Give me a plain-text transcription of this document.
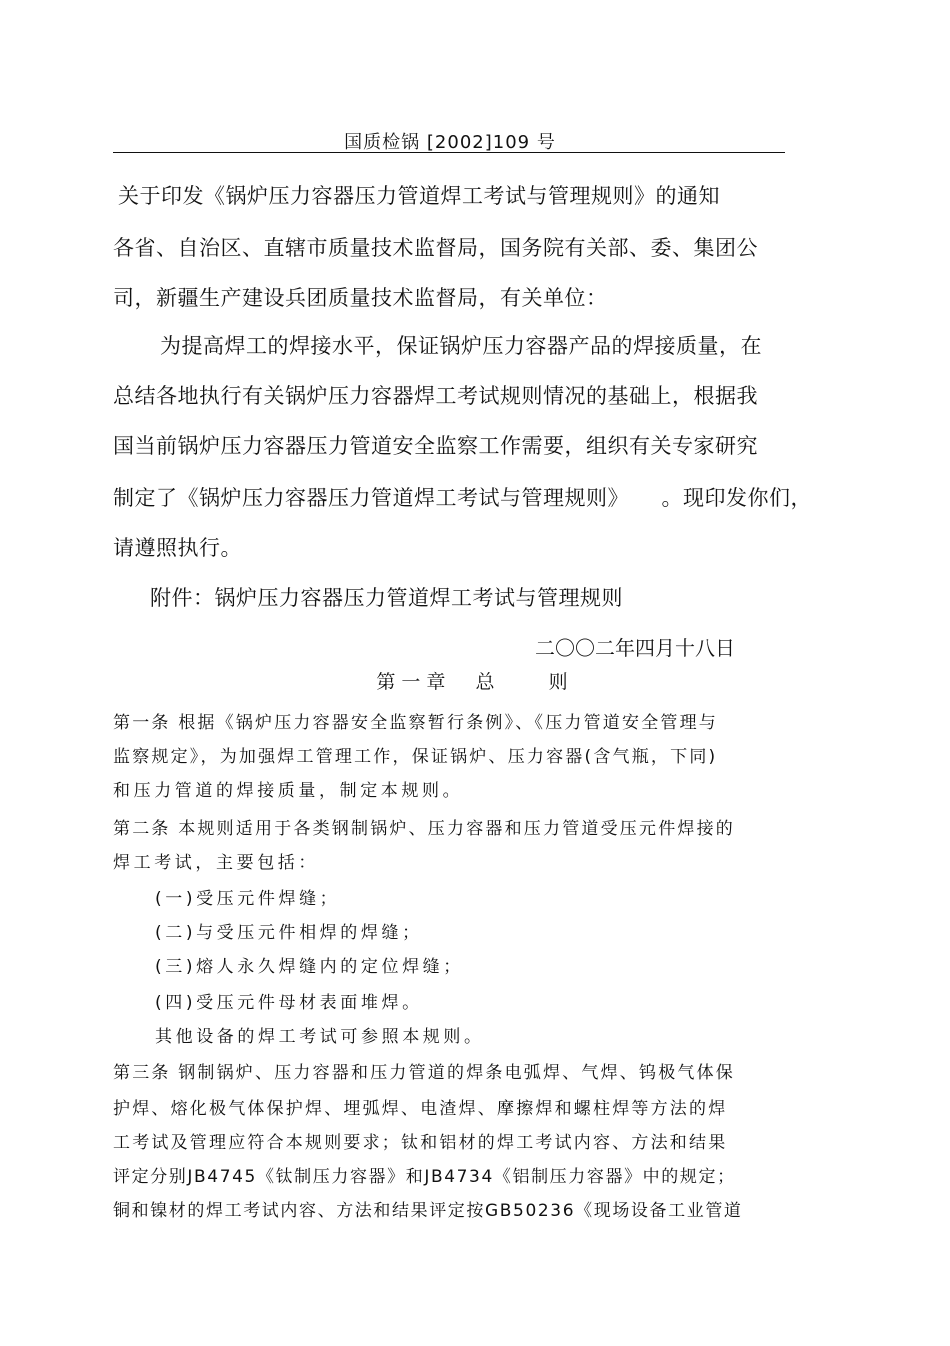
国质检锅 [2002]109 号
关于印发《锅炉压力容器压力管道焊工考试与管理规则》的通知
各省、自治区、直辖市质量技术监督局，国务院有关部、委、集团公
司，新疆生产建设兵团质量技术监督局，有关单位：
为提高焊工的焊接水平，保证锅炉压力容器产品的焊接质量，在
总结各地执行有关锅炉压力容器焊工考试规则情况的基础上，根据我
国当前锅炉压力容器压力管道安全监察工作需要，组织有关专家研究
制定了《锅炉压力容器压力管道焊工考试与管理规则》　　。现印发你们，
请遵照执行。
附件：锅炉压力容器压力管道焊工考试与管理规则
二〇〇二年四月十八日
第一章  总    则
第一条 根据《锅炉压力容器安全监察暂行条例》、《压力管道安全管理与
监察规定》，为加强焊工管理工作，保证锅炉、压力容器(含气瓶，下同)
和压力管道的焊接质量，制定本规则。
第二条 本规则适用于各类钢制锅炉、压力容器和压力管道受压元件焊接的
焊工考试，主要包括：
(一)受压元件焊缝；
(二)与受压元件相焊的焊缝；
(三)熔人永久焊缝内的定位焊缝；
(四)受压元件母材表面堆焊。
其他设备的焊工考试可参照本规则。
第三条 钢制锅炉、压力容器和压力管道的焊条电弧焊、气焊、钨极气体保
护焊、熔化极气体保护焊、埋弧焊、电渣焊、摩擦焊和螺柱焊等方法的焊
工考试及管理应符合本规则要求；钛和铝材的焊工考试内容、方法和结果
评定分别JB4745《钛制压力容器》和JB4734《铝制压力容器》中的规定；
铜和镍材的焊工考试内容、方法和结果评定按GB50236《现场设备工业管道
